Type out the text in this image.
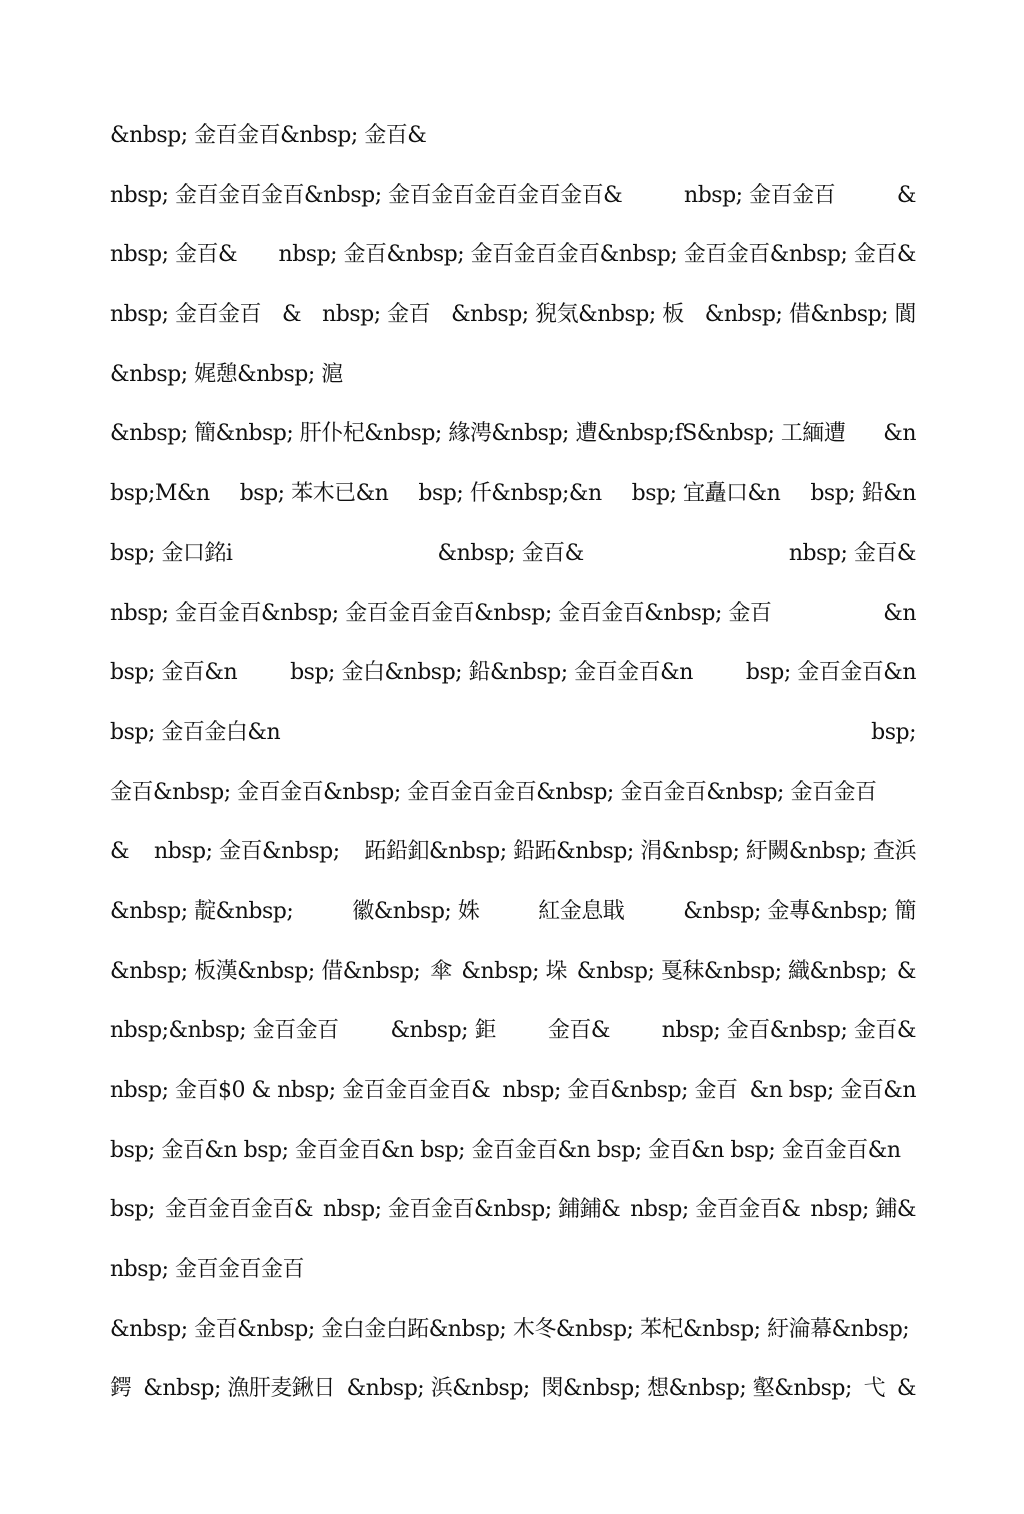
&nbsp; 金百金百&nbsp; 金百&
nbsp; 金百金百金百&nbsp; 金百金百金百金百金百&	nbsp; 金百金百	&
nbsp; 金百& nbsp; 金百&nbsp; 金百金百金百&nbsp; 金百金百&nbsp; 金百&
nbsp; 金百金百 & nbsp; 金百 &nbsp; 猊気&nbsp; 板 &nbsp; 借&nbsp; 閬
&nbsp; 娓憩&nbsp; 滬
&nbsp; 簡&nbsp; 肝仆杞&nbsp; 緣涄&nbsp; 遭&nbsp;fS&nbsp; 工緬遭 &n
bsp;M&n bsp; 苯木已&n bsp; 仟&nbsp;&n bsp; 宜矗口&n bsp; 鉛&n
bsp; 金口銘i	&nbsp; 金百&	nbsp; 金百&
nbsp; 金百金百&nbsp; 金百金百金百&nbsp; 金百金百&nbsp; 金百	&n
bsp; 金百&n bsp; 金白&nbsp; 鉛&nbsp; 金百金百&n bsp; 金百金百&n
bsp; 金百金白&n	bsp;
金百&nbsp; 金百金百&nbsp; 金百金百金百&nbsp; 金百金百&nbsp; 金百金百
& nbsp; 金百&nbsp; 跖鉛釦&nbsp; 鉛跖&nbsp; 涓&nbsp; 紆闕&nbsp; 查浜
&nbsp; 靛&nbsp;	徽&nbsp; 姝	紅金息戢	&nbsp; 金專&nbsp; 簡
&nbsp; 板漢&nbsp; 借&nbsp; 傘 &nbsp; 垛 &nbsp; 戛秣&nbsp; 織&nbsp; &
nbsp;&nbsp; 金百金百 &nbsp; 鉅 金百& nbsp; 金百&nbsp; 金百&
nbsp; 金百$0 & nbsp; 金百金百金百& nbsp; 金百&nbsp; 金百 &n bsp; 金百&n
bsp; 金百&n bsp; 金百金百&n bsp; 金百金百&n bsp; 金百&n bsp; 金百金百&n
bsp; 金百金百金百& nbsp; 金百金百&nbsp; 鋪鋪& nbsp; 金百金百& nbsp; 鋪&
nbsp; 金百金百金百
&nbsp; 金百&nbsp; 金白金白跖&nbsp; 木冬&nbsp; 苯杞&nbsp; 紆淪幕&nbsp;
鍔 &nbsp; 漁肝麦鍬日 &nbsp; 浜&nbsp; 閔&nbsp; 想&nbsp; 壑&nbsp; 弋 &
